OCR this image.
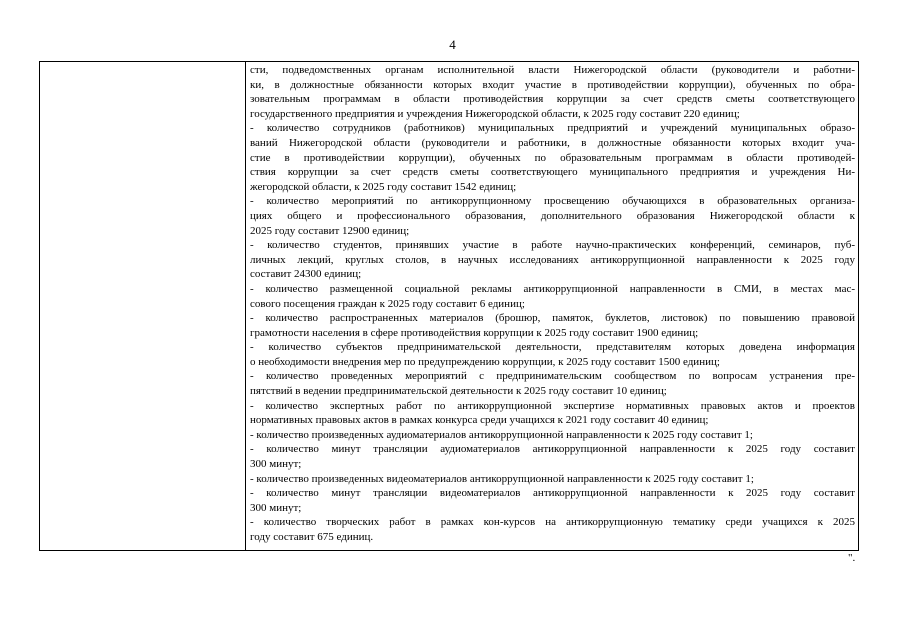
4
сти, подведомственных органам исполнительной власти Нижегородской области (руководители и работни-
ки, в должностные обязанности которых входит участие в противодействии коррупции), обученных по обра-
зовательным программам в области противодействия коррупции за счет средств сметы соответствующего
государственного предприятия и учреждения Нижегородской области, к 2025 году составит 220 единиц;
- количество сотрудников (работников) муниципальных предприятий и учреждений муниципальных образо-
ваний Нижегородской области (руководители и работники, в должностные обязанности которых входит уча-
стие в противодействии коррупции), обученных по образовательным программам в области противодей-
ствия коррупции за счет средств сметы соответствующего муниципального предприятия и учреждения Ни-
жегородской области, к 2025 году составит 1542 единиц;
- количество мероприятий по антикоррупционному просвещению обучающихся в образовательных организа-
циях общего и профессионального образования, дополнительного образования Нижегородской области к
2025 году составит 12900 единиц;
- количество студентов, принявших участие в работе научно-практических конференций, семинаров, пуб-
личных лекций, круглых столов, в научных исследованиях антикоррупционной направленности к 2025 году
составит 24300 единиц;
- количество размещенной социальной рекламы антикоррупционной направленности в СМИ, в местах мас-
сового посещения граждан к 2025 году составит 6 единиц;
- количество распространенных материалов (брошюр, памяток, буклетов, листовок) по повышению правовой
грамотности населения в сфере противодействия коррупции к 2025 году составит 1900 единиц;
- количество субъектов предпринимательской деятельности, представителям которых доведена информация
о необходимости внедрения мер по предупреждению коррупции, к 2025 году составит 1500 единиц;
- количество проведенных мероприятий с предпринимательским сообществом по вопросам устранения пре-
пятствий в ведении предпринимательской деятельности к 2025 году составит 10 единиц;
- количество экспертных работ по антикоррупционной экспертизе нормативных правовых актов и проектов
нормативных правовых актов в рамках конкурса среди учащихся к 2021 году составит 40 единиц;
- количество произведенных аудиоматериалов антикоррупционной направленности к 2025 году составит 1;
- количество минут трансляции аудиоматериалов антикоррупционной направленности к 2025 году составит
300 минут;
- количество произведенных видеоматериалов антикоррупционной направленности к 2025 году составит 1;
- количество минут трансляции видеоматериалов антикоррупционной направленности к 2025 году составит
300 минут;
- количество творческих работ в рамках кон-курсов на антикоррупционную тематику среди учащихся к 2025
году составит 675 единиц.
".
